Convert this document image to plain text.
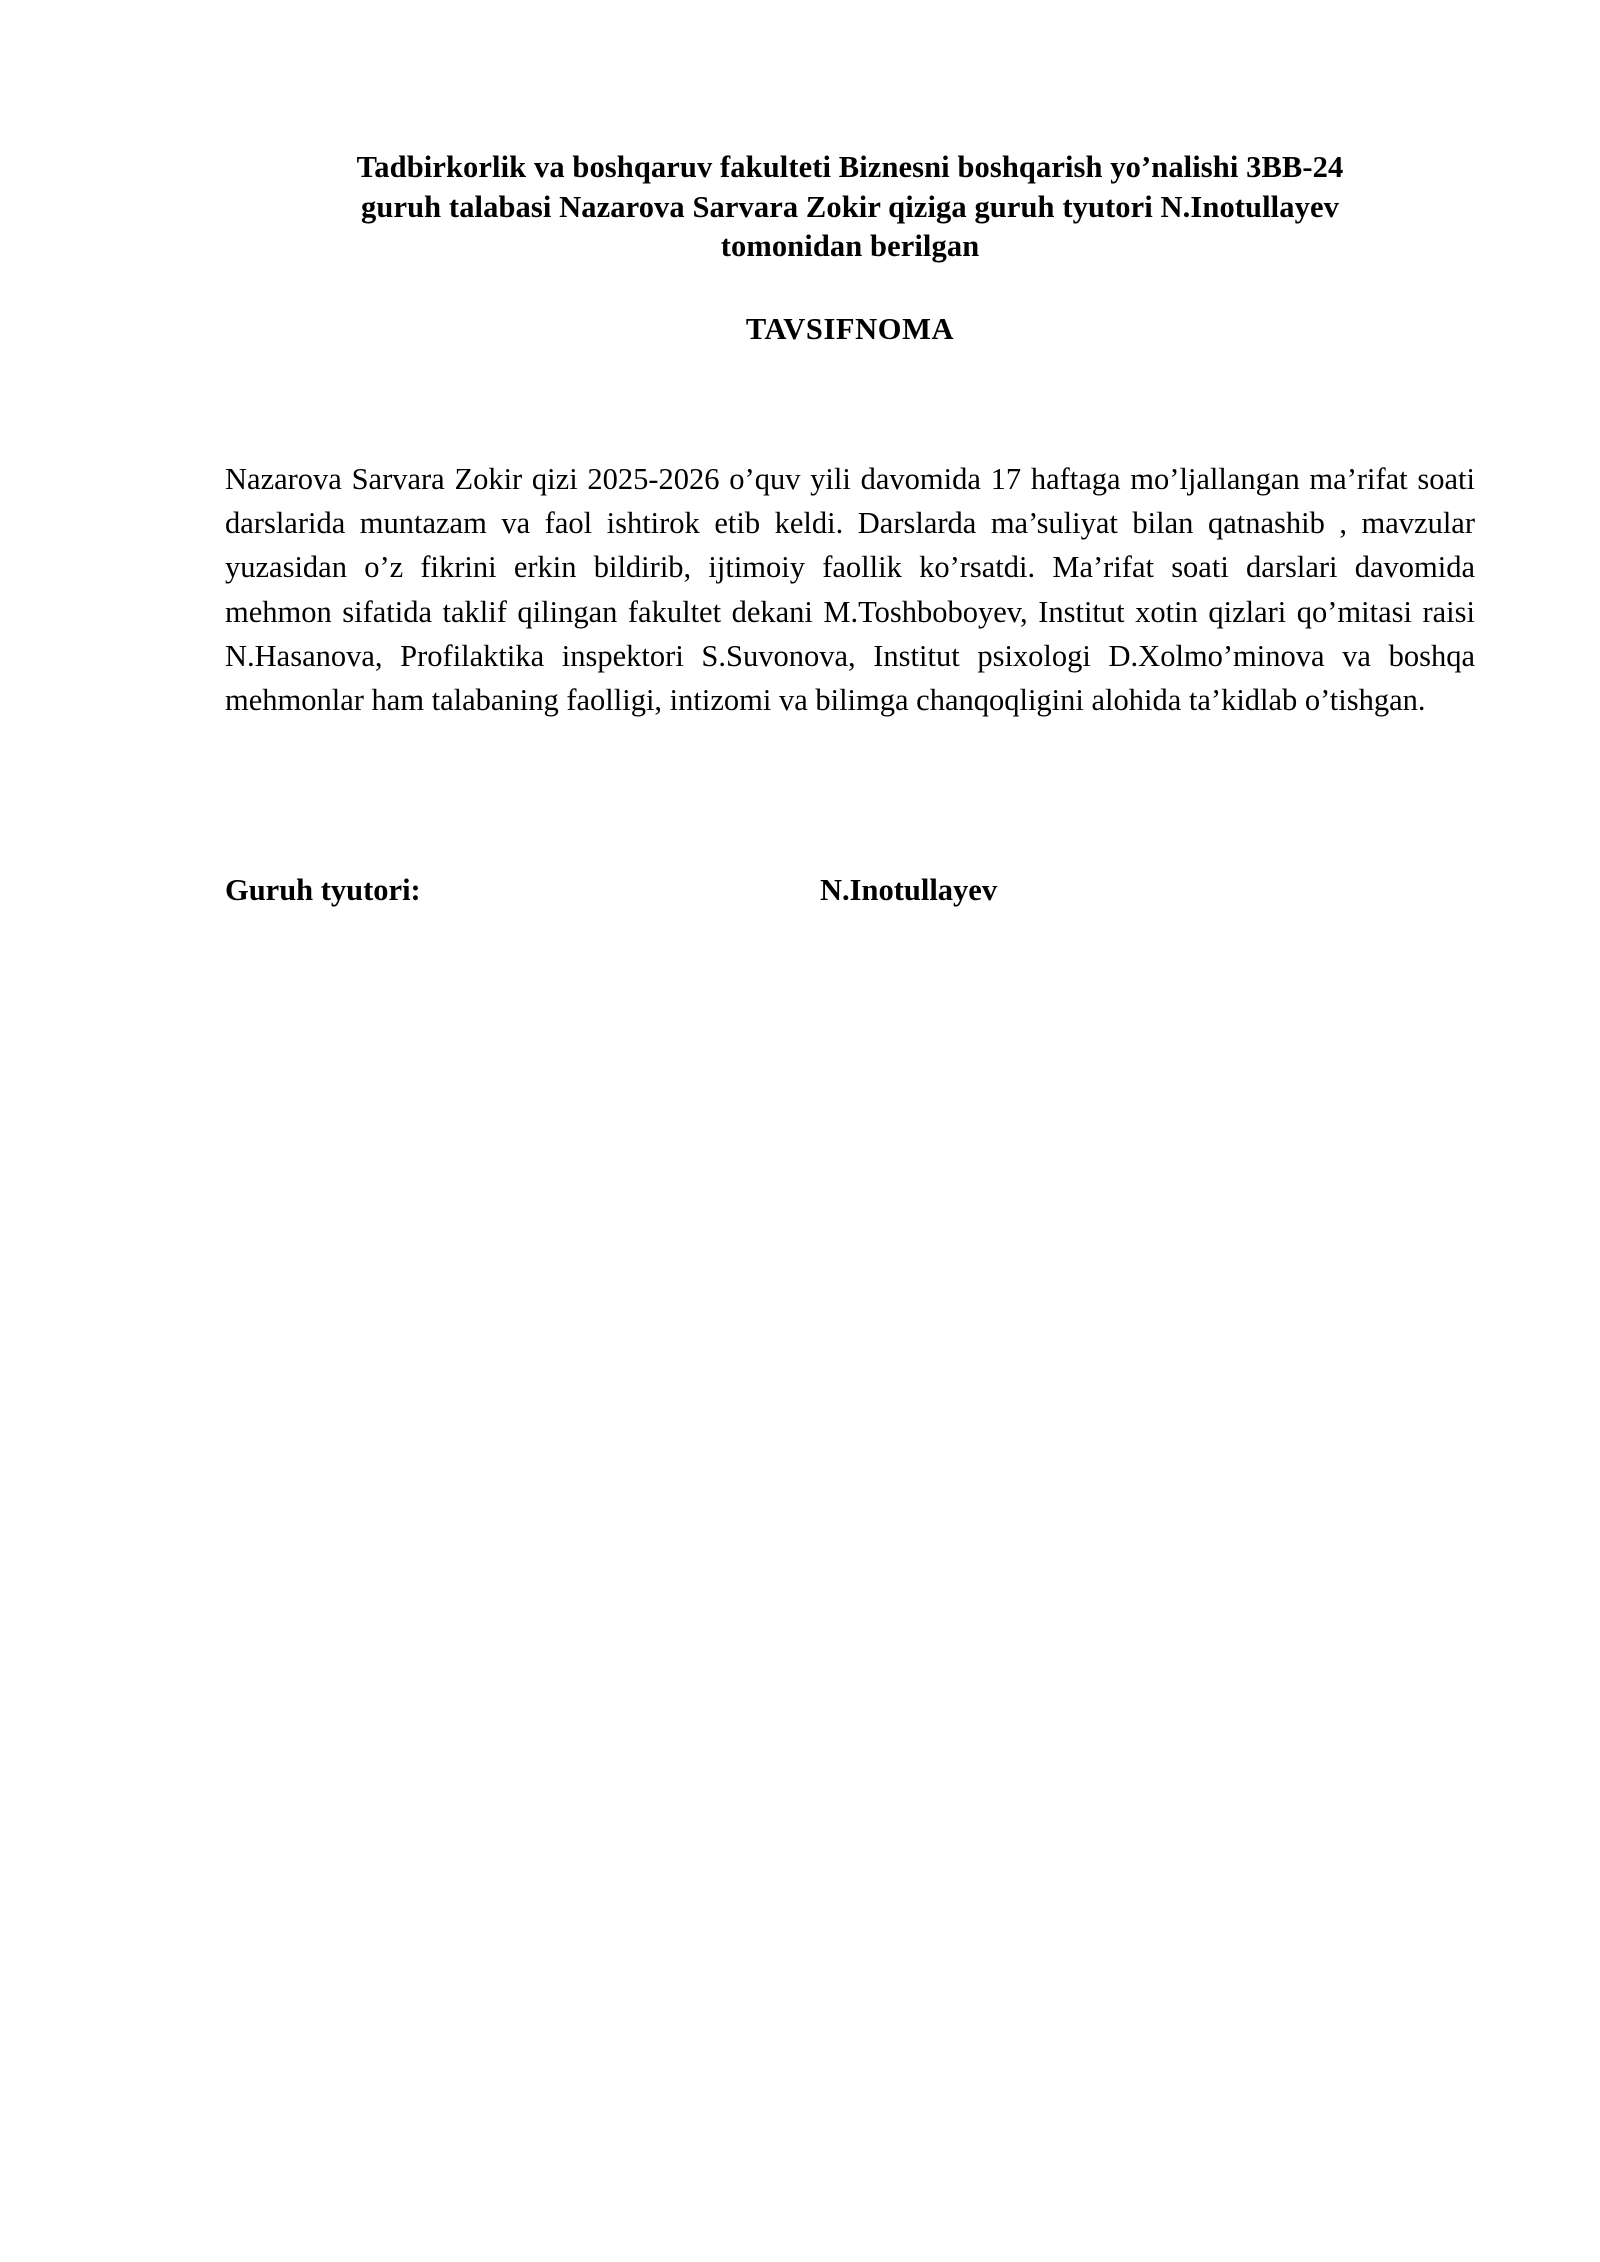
Tadbirkorlik va boshqaruv fakulteti Biznesni boshqarish yo’nalishi 3BB-24
guruh talabasi Nazarova Sarvara Zokir qiziga guruh tyutori N.Inotullayev
tomonidan berilgan
TAVSIFNOMA

Nazarova Sarvara Zokir qizi 2025-2026 o’quv yili davomida 17 haftaga mo’ljallangan ma’rifat soati darslarida muntazam va faol ishtirok etib keldi. Darslarda ma’suliyat bilan qatnashib , mavzular yuzasidan o’z fikrini erkin bildirib, ijtimoiy faollik ko’rsatdi. Ma’rifat soati darslari davomida mehmon sifatida taklif qilingan fakultet dekani M.Toshboboyev, Institut xotin qizlari qo’mitasi raisi N.Hasanova, Profilaktika inspektori S.Suvonova, Institut psixologi D.Xolmo’minova va boshqa mehmonlar ham talabaning faolligi, intizomi va bilimga chanqoqligini alohida ta’kidlab o’tishgan.

Guruh tyutori:	N.Inotullayev
